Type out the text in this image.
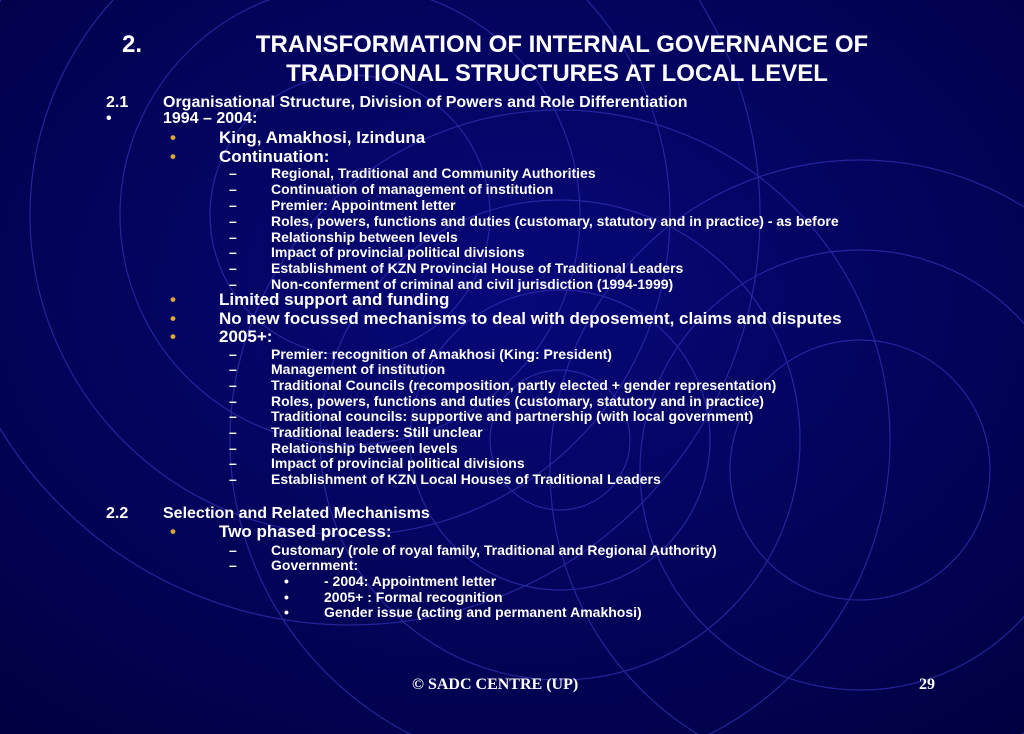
2.	TRANSFORMATION OF INTERNAL GOVERNANCE OF
TRADITIONAL STRUCTURES AT LOCAL LEVEL
2.1 Organisational Structure, Division of Powers and Role Differentiation
•	1994 – 2004:
•	King, Amakhosi, Izinduna
•	Continuation:
– Regional, Traditional and Community Authorities
– Continuation of management of institution
– Premier: Appointment letter
– Roles, powers, functions and duties (customary, statutory and in practice) - as before
– Relationship between levels
– Impact of provincial political divisions
– Establishment of KZN Provincial House of Traditional Leaders
– Non-conferment of criminal and civil jurisdiction (1994-1999)
•	Limited support and funding
•	No new focussed mechanisms to deal with deposement, claims and disputes
•	2005+:
– Premier: recognition of Amakhosi (King: President)
– Management of institution
– Traditional Councils (recomposition, partly elected + gender representation)
– Roles, powers, functions and duties (customary, statutory and in practice)
– Traditional councils: supportive and partnership (with local government)
– Traditional leaders: Still unclear
– Relationship between levels
– Impact of provincial political divisions
– Establishment of KZN Local Houses of Traditional Leaders
2.2 Selection and Related Mechanisms
•	Two phased process:
– Customary (role of royal family, Traditional and Regional Authority)
– Government:
•	- 2004: Appointment letter
•	2005+ : Formal recognition
•	Gender issue (acting and permanent Amakhosi)
© SADC CENTRE (UP)	29
